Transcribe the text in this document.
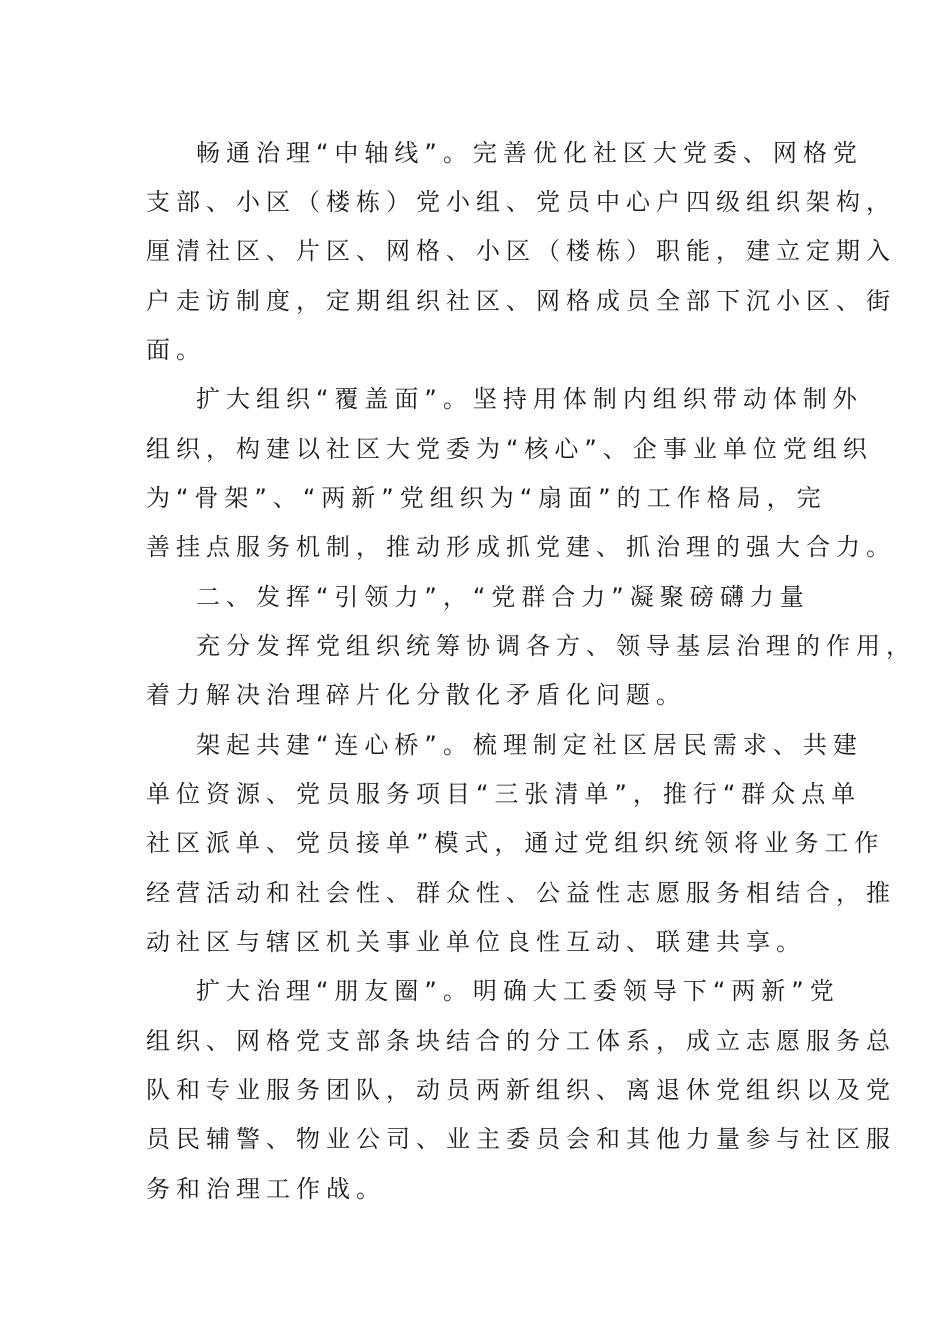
畅通治理“中轴线”。完善优化社区大党委、网格党
支部、小区（楼栋）党小组、党员中心户四级组织架构，
厘清社区、片区、网格、小区（楼栋）职能，建立定期入
户走访制度，定期组织社区、网格成员全部下沉小区、街
面。
扩大组织“覆盖面”。坚持用体制内组织带动体制外
组织，构建以社区大党委为“核心”、企事业单位党组织
为“骨架”、“两新”党组织为“扇面”的工作格局，完
善挂点服务机制，推动形成抓党建、抓治理的强大合力。
二、发挥“引领力”，“党群合力”凝聚磅礴力量
充分发挥党组织统筹协调各方、领导基层治理的作用，
着力解决治理碎片化分散化矛盾化问题。
架起共建“连心桥”。梳理制定社区居民需求、共建
单位资源、党员服务项目“三张清单”，推行“群众点单
社区派单、党员接单”模式，通过党组织统领将业务工作
经营活动和社会性、群众性、公益性志愿服务相结合，推
动社区与辖区机关事业单位良性互动、联建共享。
扩大治理“朋友圈”。明确大工委领导下“两新”党
组织、网格党支部条块结合的分工体系，成立志愿服务总
队和专业服务团队，动员两新组织、离退休党组织以及党
员民辅警、物业公司、业主委员会和其他力量参与社区服
务和治理工作战。
